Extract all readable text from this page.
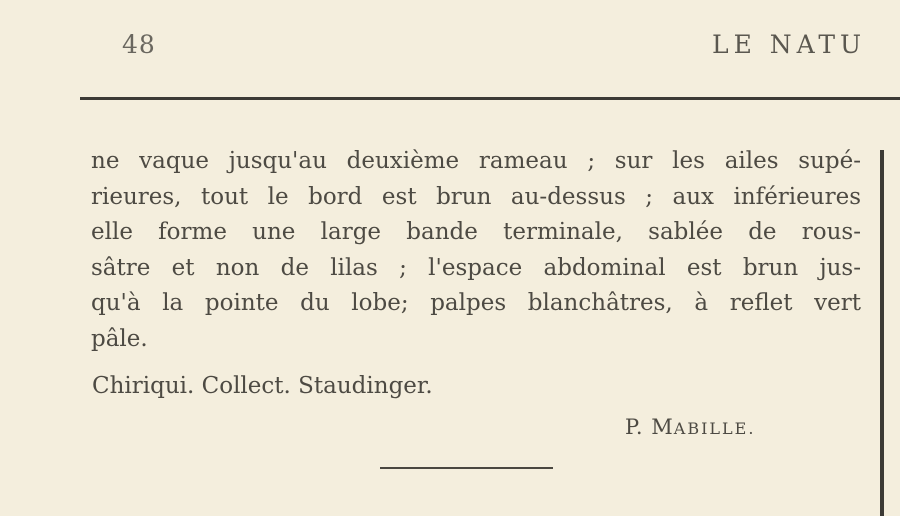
48	LE NATU
ne vaque jusqu'au deuxième rameau ; sur les ailes supé-
rieures, tout le bord est brun au-dessus ; aux inférieures
elle forme une large bande terminale, sablée de rous-
sâtre et non de lilas ; l'espace abdominal est brun jus-
qu'à la pointe du lobe; palpes blanchâtres, à reflet vert
pâle.
Chiriqui. Collect. Staudinger.
P. MABILLE.
